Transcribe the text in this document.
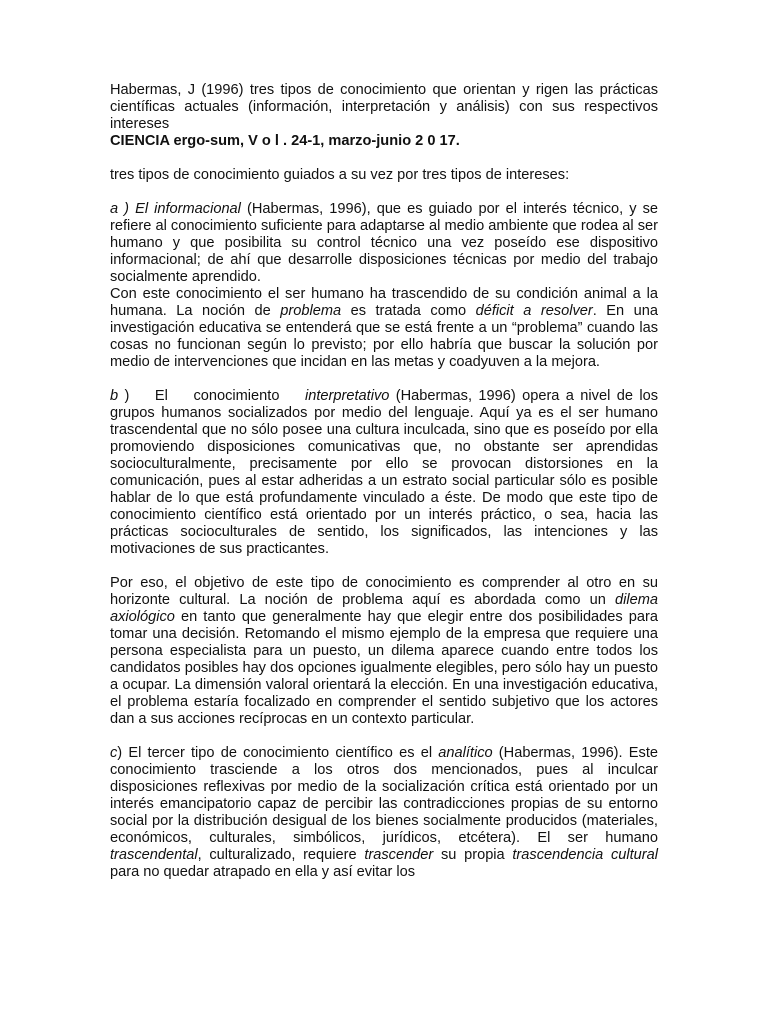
Habermas, J (1996) tres tipos de conocimiento que orientan y rigen las prácticas científicas actuales (información, interpretación y análisis) con sus respectivos intereses
CIENCIA ergo-sum, V o l . 24-1, marzo-junio 2 0 17.

tres tipos de conocimiento guiados a su vez por tres tipos de intereses:

a ) El informacional (Habermas, 1996), que es guiado por el interés técnico, y se refiere al conocimiento suficiente para adaptarse al medio ambiente que rodea al ser humano y que posibilita su control técnico una vez poseído ese dispositivo informacional; de ahí que desarrolle disposiciones técnicas por medio del trabajo socialmente aprendido.

Con este conocimiento el ser humano ha trascendido de su condición animal a la humana. La noción de problema es tratada como déficit a resolver. En una investigación educativa se entenderá que se está frente a un “problema” cuando las cosas no funcionan según lo previsto; por ello habría que buscar la solución por medio de intervenciones que incidan en las metas y coadyuven a la mejora.

b )    El    conocimiento    interpretativo (Habermas, 1996) opera a nivel de los grupos humanos socializados por medio del lenguaje. Aquí ya es el ser humano trascendental que no sólo posee una cultura inculcada, sino que es poseído por ella promoviendo disposiciones comunicativas que, no obstante ser aprendidas socioculturalmente, precisamente por ello se provocan distorsiones en la comunicación, pues al estar adheridas a un estrato social particular sólo es posible hablar de lo que está profundamente vinculado a éste. De modo que este tipo de conocimiento científico está orientado por un interés práctico, o sea, hacia las prácticas socioculturales de sentido, los significados, las intenciones y las motivaciones de sus practicantes.

Por eso, el objetivo de este tipo de conocimiento es comprender al otro en su horizonte cultural. La noción de problema aquí es abordada como un dilema axiológico en tanto que generalmente hay que elegir entre dos posibilidades para tomar una decisión. Retomando el mismo ejemplo de la empresa que requiere una persona especialista para un puesto, un dilema aparece cuando entre todos los candidatos posibles hay dos opciones igualmente elegibles, pero sólo hay un puesto a ocupar. La dimensión valoral orientará la elección. En una investigación educativa, el problema estaría focalizado en comprender el sentido subjetivo que los actores dan a sus acciones recíprocas en un contexto particular.

c) El tercer tipo de conocimiento científico es el analítico (Habermas, 1996). Este conocimiento trasciende a los otros dos mencionados, pues al inculcar disposiciones reflexivas por medio de la socialización crítica está orientado por un interés emancipatorio capaz de percibir las contradicciones propias de su entorno social por la distribución desigual de los bienes socialmente producidos (materiales, económicos, culturales, simbólicos, jurídicos, etcétera). El ser humano trascendental, culturalizado, requiere trascender su propia trascendencia cultural para no quedar atrapado en ella y así evitar los
